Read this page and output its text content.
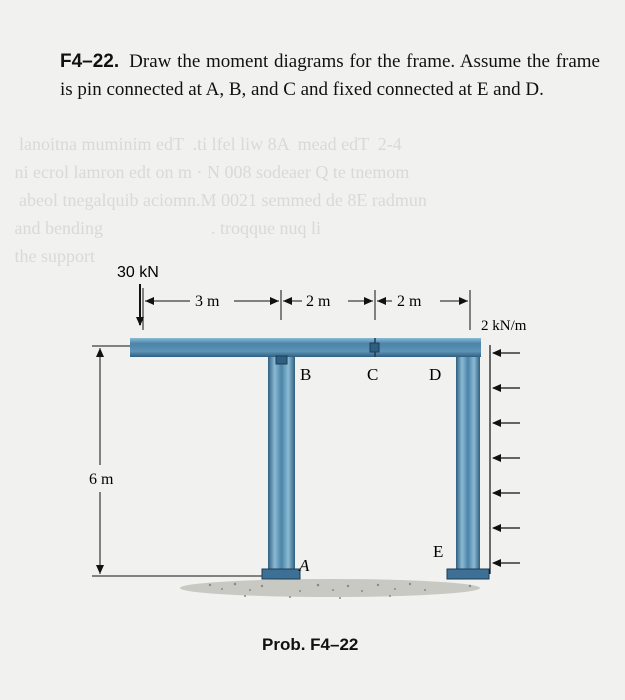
lanoitna muminim edT  .ti lfel liw 8A  mead edT  2-4
ni ecrol lamron edt on m · N 008 sodeaer Q te tnemom
abeol tnegalquib aciomn.M 0021 semmed de 8E radmun
and bending                        . troqque nuq li
the support
F4–22. Draw the moment diagrams for the frame. Assume the frame is pin connected at A, B, and C and fixed connected at E and D.
3 m	2 m	2 m
30 kN
6 m
2 kN/m
B	C	D
E
A
Prob. F4–22
